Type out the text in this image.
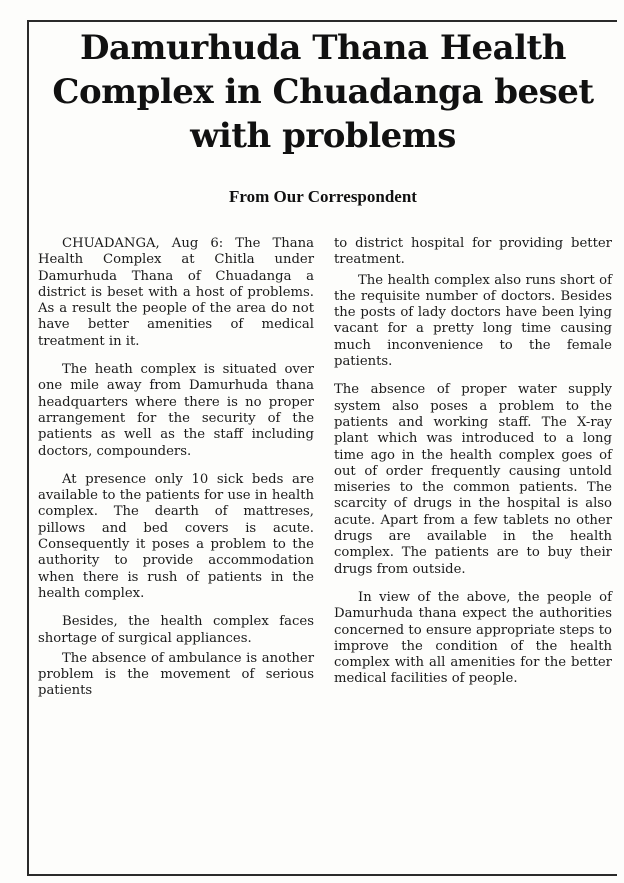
Damurhuda Thana Health Complex in Chuadanga beset with problems
From Our Correspondent

CHUADANGA, Aug 6: The Thana Health Complex at Chitla under Damurhuda Thana of Chuadanga a district is beset with a host of problems. As a result the people of the area do not have better amenities of medical treatment in it.

The heath complex is situated over one mile away from Damurhuda thana headquarters where there is no proper arrangement for the security of the patients as well as the staff including doctors, compounders.

At presence only 10 sick beds are available to the patients for use in health complex. The dearth of mattreses, pillows and bed covers is acute. Consequently it poses a problem to the authority to provide accommodation when there is rush of patients in the health complex.

Besides, the health complex faces shortage of surgical appliances.

The absence of ambulance is another problem is the movement of serious patients

to district hospital for providing better treatment.

The health complex also runs short of the requisite number of doctors. Besides the posts of lady doctors have been lying vacant for a pretty long time causing much inconvenience to the female patients.

The absence of proper water supply system also poses a problem to the patients and working staff. The X-ray plant which was introduced to a long time ago in the health complex goes of out of order frequently causing untold miseries to the common patients. The scarcity of drugs in the hospital is also acute. Apart from a few tablets no other drugs are available in the health complex. The patients are to buy their drugs from outside.

In view of the above, the people of Damurhuda thana expect the authorities concerned to ensure appropriate steps to improve the condition of the health complex with all amenities for the better medical facilities of people.
